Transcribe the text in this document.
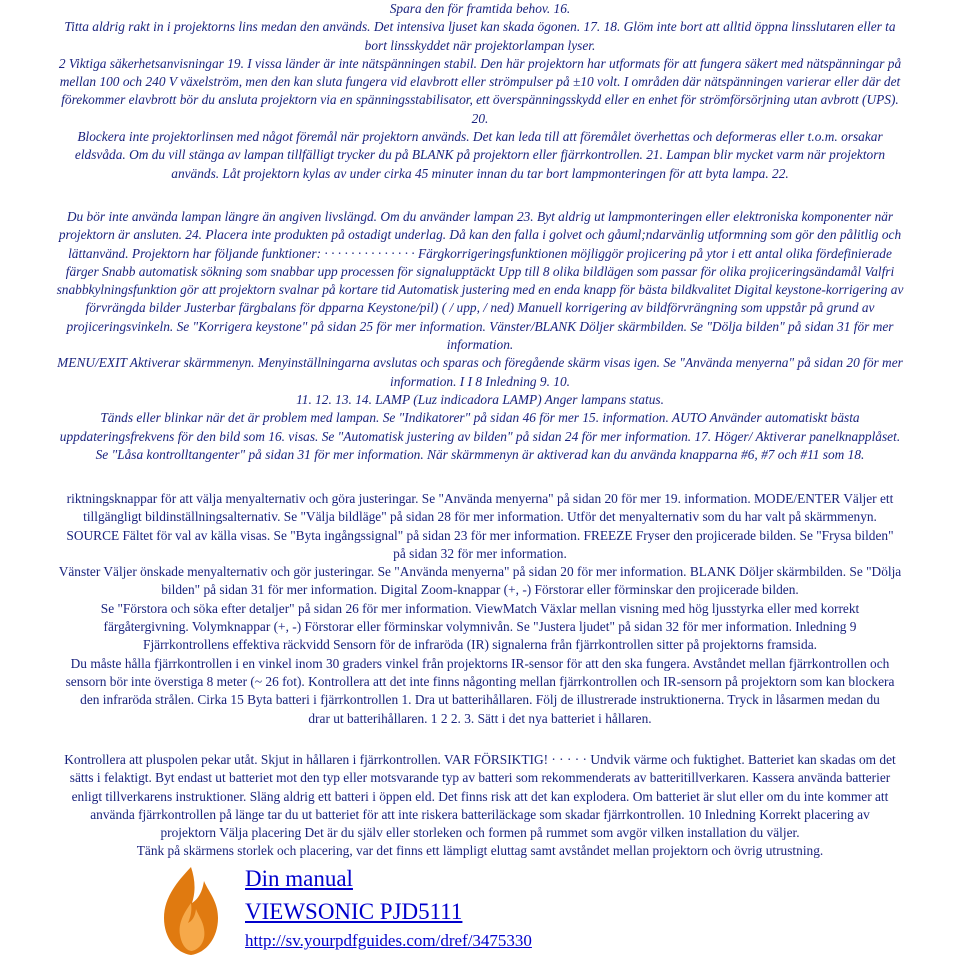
Spara den för framtida behov. 16.
Titta aldrig rakt in i projektorns lins medan den används. Det intensiva ljuset kan skada ögonen. 17. 18. Glöm inte bort att alltid öppna linsslutaren eller ta
bort linsskyddet när projektorlampan lyser.
2 Viktiga säkerhetsanvisningar 19. I vissa länder är inte nätspänningen stabil. Den här projektorn har utformats för att fungera säkert med nätspänningar på
mellan 100 och 240 V växelström, men den kan sluta fungera vid elavbrott eller strömpulser på ±10 volt. I områden där nätspänningen varierar eller där det
förekommer elavbrott bör du ansluta projektorn via en spänningsstabilisator, ett överspänningsskydd eller en enhet för strömförsörjning utan avbrott (UPS).
20.
Blockera inte projektorlinsen med något föremål när projektorn används. Det kan leda till att föremålet överhettas och deformeras eller t.o.m. orsakar
eldsvåda. Om du vill stänga av lampan tillfälligt trycker du på BLANK på projektorn eller fjärrkontrollen. 21. Lampan blir mycket varm när projektorn
används. Låt projektorn kylas av under cirka 45 minuter innan du tar bort lampmonteringen för att byta lampa. 22.
Du bör inte använda lampan längre än angiven livslängd. Om du använder lampan 23. Byt aldrig ut lampmonteringen eller elektroniska komponenter när
projektorn är ansluten. 24. Placera inte produkten på ostadigt underlag. Då kan den falla i golvet och gåuml;ndarvänlig utformning som gör den pålitlig och
lättanvänd. Projektorn har följande funktioner: · · · · · · · · · · · · · · Färgkorrigeringsfunktionen möjliggör projicering på ytor i ett antal olika fördefinierade
färger Snabb automatisk sökning som snabbar upp processen för signalupptäckt Upp till 8 olika bildlägen som passar för olika projiceringsändamål Valfri
snabbkylningsfunktion gör att projektorn svalnar på kortare tid Automatisk justering med en enda knapp för bästa bildkvalitet Digital keystone-korrigering av
förvrängda bilder Justerbar färgbalans för dpparna Keystone/pil) ( / upp, / ned) Manuell korrigering av bildförvrängning som uppstår på grund av
projiceringsvinkeln. Se "Korrigera keystone" på sidan 25 för mer information. Vänster/BLANK Döljer skärmbilden. Se "Dölja bilden" på sidan 31 för mer
information.
MENU/EXIT Aktiverar skärmmenyn. Menyinställningarna avslutas och sparas och föregående skärm visas igen. Se "Använda menyerna" på sidan 20 för mer
information. I I 8 Inledning 9. 10.
11. 12. 13. 14. LAMP (Luz indicadora LAMP) Anger lampans status.
Tänds eller blinkar när det är problem med lampan. Se "Indikatorer" på sidan 46 för mer 15. information. AUTO Använder automatiskt bästa
uppdateringsfrekvens för den bild som 16. visas. Se "Automatisk justering av bilden" på sidan 24 för mer information. 17. Höger/ Aktiverar panelknapplåset.
Se "Låsa kontrolltangenter" på sidan 31 för mer information. När skärmmenyn är aktiverad kan du använda knapparna #6, #7 och #11 som 18.
riktningsknappar för att välja menyalternativ och göra justeringar. Se "Använda menyerna" på sidan 20 för mer 19. information. MODE/ENTER Väljer ett
tillgängligt bildinställningsalternativ. Se "Välja bildläge" på sidan 28 för mer information. Utför det menyalternativ som du har valt på skärmmenyn.
SOURCE Fältet för val av källa visas. Se "Byta ingångssignal" på sidan 23 för mer information. FREEZE Fryser den projicerade bilden. Se "Frysa bilden"
på sidan 32 för mer information.
Vänster Väljer önskade menyalternativ och gör justeringar. Se "Använda menyerna" på sidan 20 för mer information. BLANK Döljer skärmbilden. Se "Dölja
bilden" på sidan 31 för mer information. Digital Zoom-knappar (+, -) Förstorar eller förminskar den projicerade bilden.
Se "Förstora och söka efter detaljer" på sidan 26 för mer information. ViewMatch Växlar mellan visning med hög ljusstyrka eller med korrekt
färgåtergivning. Volymknappar (+, -) Förstorar eller förminskar volymnivån. Se "Justera ljudet" på sidan 32 för mer information. Inledning 9
Fjärrkontrollens effektiva räckvidd Sensorn för de infraröda (IR) signalerna från fjärrkontrollen sitter på projektorns framsida.
Du måste hålla fjärrkontrollen i en vinkel inom 30 graders vinkel från projektorns IR-sensor för att den ska fungera. Avståndet mellan fjärrkontrollen och
sensorn bör inte överstiga 8 meter (~ 26 fot). Kontrollera att det inte finns någonting mellan fjärrkontrollen och IR-sensorn på projektorn som kan blockera
den infraröda strålen. Cirka 15 Byta batteri i fjärrkontrollen 1. Dra ut batterihållaren. Följ de illustrerade instruktionerna. Tryck in låsarmen medan du
drar ut batterihållaren. 1 2 2. 3. Sätt i det nya batteriet i hållaren.
Kontrollera att pluspolen pekar utåt. Skjut in hållaren i fjärrkontrollen. VAR FÖRSIKTIG! · · · · · Undvik värme och fuktighet. Batteriet kan skadas om det
sätts i felaktigt. Byt endast ut batteriet mot den typ eller motsvarande typ av batteri som rekommenderats av batteritillverkaren. Kassera använda batterier
enligt tillverkarens instruktioner. Släng aldrig ett batteri i öppen eld. Det finns risk att det kan explodera. Om batteriet är slut eller om du inte kommer att
använda fjärrkontrollen på länge tar du ut batteriet för att inte riskera batteriläckage som skadar fjärrkontrollen. 10 Inledning Korrekt placering av
projektorn Välja placering Det är du själv eller storleken och formen på rummet som avgör vilken installation du väljer.
Tänk på skärmens storlek och placering, var det finns ett lämpligt eluttag samt avståndet mellan projektorn och övrig utrustning.
Din manual
VIEWSONIC PJD5111
http://sv.yourpdfguides.com/dref/3475330
